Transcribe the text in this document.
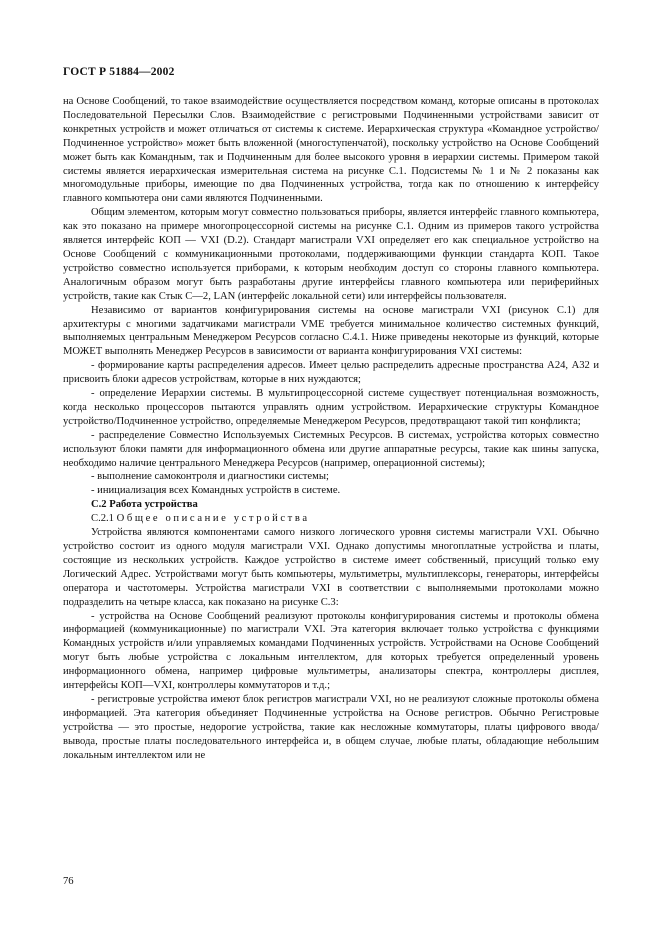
ГОСТ Р 51884—2002

на Основе Сообщений, то такое взаимодействие осуществляется посредством команд, которые описаны в протоколах Последовательной Пересылки Слов. Взаимодействие с регистровыми Подчиненными устройствами зависит от конкретных устройств и может отличаться от системы к системе. Иерархическая структура «Командное устройство/Подчиненное устройство» может быть вложенной (многоступенчатой), поскольку устройство на Основе Сообщений может быть как Командным, так и Подчиненным для более высокого уровня в иерархии системы. Примером такой системы является иерархическая измерительная система на рисунке С.1. Подсистемы № 1 и № 2 показаны как многомодульные приборы, имеющие по два Подчиненных устройства, тогда как по отношению к интерфейсу главного компьютера они сами являются Подчиненными.

Общим элементом, которым могут совместно пользоваться приборы, является интерфейс главного компьютера, как это показано на примере многопроцессорной системы на рисунке С.1. Одним из примеров такого устройства является интерфейс КОП — VXI (D.2). Стандарт магистрали VXI определяет его как специальное устройство на Основе Сообщений с коммуникационными протоколами, поддерживающими функции стандарта КОП. Такое устройство совместно используется приборами, к которым необходим доступ со стороны главного компьютера. Аналогичным образом могут быть разработаны другие интерфейсы главного компьютера или периферийных устройств, такие как Стык С—2, LAN (интерфейс локальной сети) или интерфейсы пользователя.

Независимо от вариантов конфигурирования системы на основе магистрали VXI (рисунок С.1) для архитектуры с многими задатчиками магистрали VME требуется минимальное количество системных функций, выполняемых центральным Менеджером Ресурсов согласно С.4.1. Ниже приведены некоторые из функций, которые МОЖЕТ выполнять Менеджер Ресурсов в зависимости от варианта конфигурирования VXI системы:

- формирование карты распределения адресов. Имеет целью распределить адресные пространства А24, А32 и присвоить блоки адресов устройствам, которые в них нуждаются;

- определение Иерархии системы. В мультипроцессорной системе существует потенциальная возможность, когда несколько процессоров пытаются управлять одним устройством. Иерархические структуры Командное устройство/Подчиненное устройство, определяемые Менеджером Ресурсов, предотвращают такой тип конфликта;

- распределение Совместно Используемых Системных Ресурсов. В системах, устройства которых совместно используют блоки памяти для информационного обмена или другие аппаратные ресурсы, такие как шины запуска, необходимо наличие центрального Менеджера Ресурсов (например, операционной системы);

- выполнение самоконтроля и диагностики системы;

- инициализация всех Командных устройств в системе.

С.2 Работа устройства

С.2.1 Общее описание устройства

Устройства являются компонентами самого низкого логического уровня системы магистрали VXI. Обычно устройство состоит из одного модуля магистрали VXI. Однако допустимы многоплатные устройства и платы, состоящие из нескольких устройств. Каждое устройство в системе имеет собственный, присущий только ему Логический Адрес. Устройствами могут быть компьютеры, мультиметры, мультиплексоры, генераторы, интерфейсы оператора и частотомеры. Устройства магистрали VXI в соответствии с выполняемыми протоколами можно подразделить на четыре класса, как показано на рисунке С.3:

- устройства на Основе Сообщений реализуют протоколы конфигурирования системы и протоколы обмена информацией (коммуникационные) по магистрали VXI. Эта категория включает только устройства с функциями Командных устройств и/или управляемых командами Подчиненных устройств. Устройствами на Основе Сообщений могут быть любые устройства с локальным интеллектом, для которых требуется определенный уровень информационного обмена, например цифровые мультиметры, анализаторы спектра, контроллеры дисплея, интерфейсы КОП—VXI, контроллеры коммутаторов и т.д.;

- регистровые устройства имеют блок регистров магистрали VXI, но не реализуют сложные протоколы обмена информацией. Эта категория объединяет Подчиненные устройства на Основе регистров. Обычно Регистровые устройства — это простые, недорогие устройства, такие как несложные коммутаторы, платы цифрового ввода/вывода, простые платы последовательного интерфейса и, в общем случае, любые платы, обладающие небольшим локальным интеллектом или не

76
